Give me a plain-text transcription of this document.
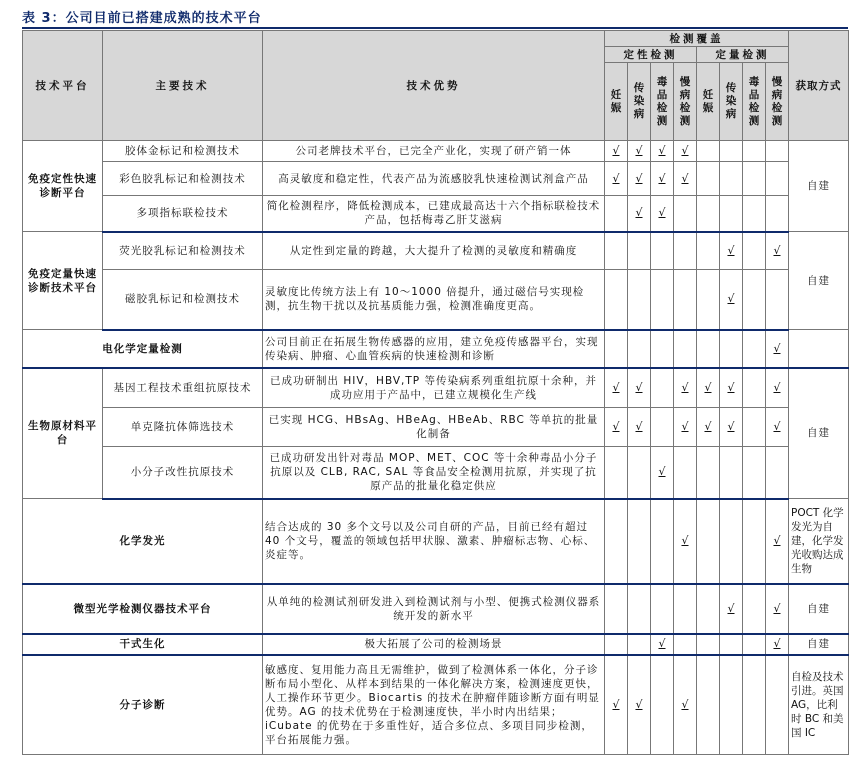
表 3：公司目前已搭建成熟的技术平台
技术平台	主要技术	技术优势	检测覆盖								获取方式
			定性检测				定量检测				
			妊娠	传染病	毒品检测	慢病检测	妊娠	传染病	毒品检测	慢病检测	
免疫定性快速诊断平台	胶体金标记和检测技术	公司老牌技术平台，已完全产业化，实现了研产销一体	√	√	√	√					自建
	彩色胶乳标记和检测技术	高灵敏度和稳定性，代表产品为流感胶乳快速检测试剂盒产品	√	√	√	√					
	多项指标联检技术	简化检测程序，降低检测成本，已建成最高达十六个指标联检技术产品，包括梅毒乙肝艾滋病		√	√						
免疫定量快速诊断技术平台	荧光胶乳标记和检测技术	从定性到定量的跨越，大大提升了检测的灵敏度和精确度						√		√	自建
	磁胶乳标记和检测技术	灵敏度比传统方法上有 10～1000 倍提升，通过磁信号实现检测，抗生物干扰以及抗基质能力强，检测准确度更高。						√			
电化学定量检测		公司目前正在拓展生物传感器的应用，建立免疫传感器平台，实现传染病、肿瘤、心血管疾病的快速检测和诊断								√	
生物原材料平台	基因工程技术重组抗原技术	已成功研制出 HIV，HBV,TP 等传染病系列重组抗原十余种，并成功应用于产品中，已建立规模化生产线	√	√		√	√	√		√	自建
	单克隆抗体筛选技术	已实现 HCG、HBsAg、HBeAg、HBeAb、RBC 等单抗的批量化制备	√	√		√	√	√		√	
	小分子改性抗原技术	已成功研发出针对毒品 MOP、MET、COC 等十余种毒品小分子抗原以及 CLB, RAC, SAL 等食品安全检测用抗原，并实现了抗原产品的批量化稳定供应			√						
化学发光		结合达成的 30 多个文号以及公司自研的产品，目前已经有超过 40 个文号，覆盖的领域包括甲状腺、激素、肿瘤标志物、心标、炎症等。				√				√	POCT 化学发光为自建，化学发光收购达成生物
微型光学检测仪器技术平台		从单纯的检测试剂研发进入到检测试剂与小型、便携式检测仪器系统开发的新水平						√		√	自建
干式生化		极大拓展了公司的检测场景			√					√	自建
分子诊断		敏感度、复用能力高且无需维护，做到了检测体系一体化，分子诊断布局小型化、从样本到结果的一体化解决方案，检测速度更快，人工操作环节更少。Biocartis 的技术在肿瘤伴随诊断方面有明显优势。AG 的技术优势在于检测速度快，半小时内出结果；iCubate 的优势在于多重性好，适合多位点、多项目同步检测，平台拓展能力强。	√	√		√					自检及技术引进。英国 AG，比利时 BC 和美国 IC
